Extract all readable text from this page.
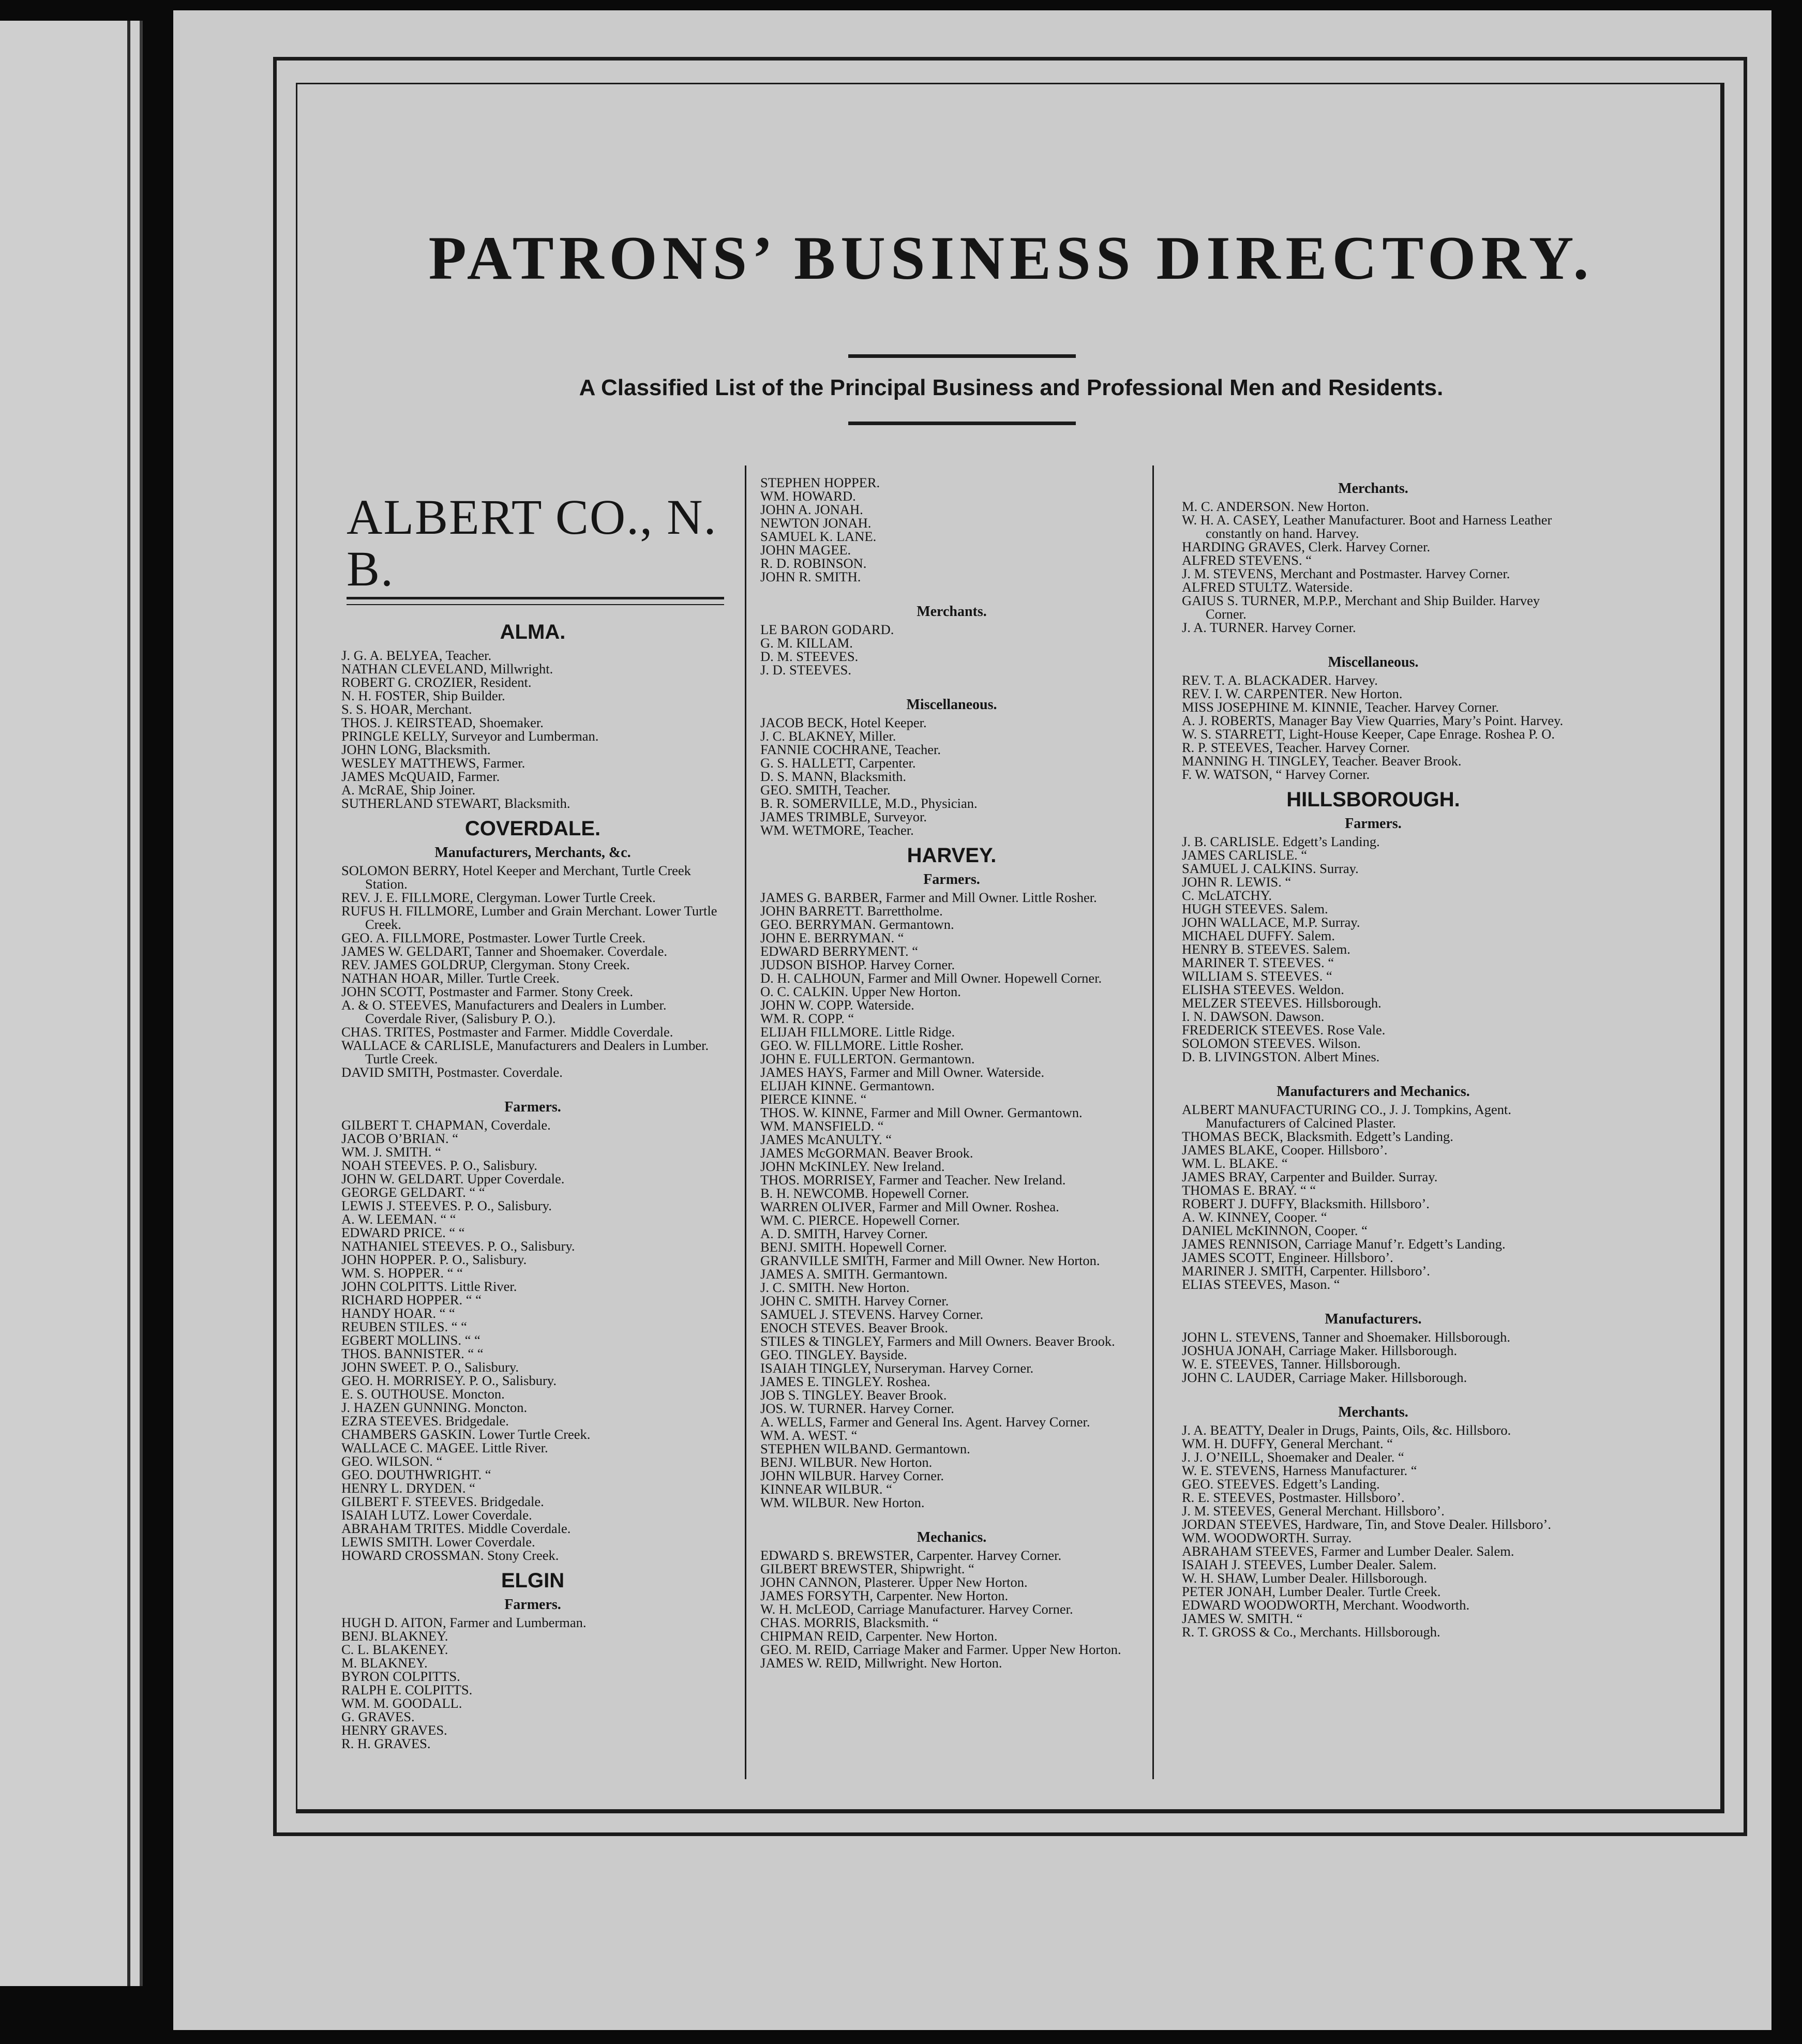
PATRONS’ BUSINESS DIRECTORY.

A Classified List of the Principal Business and Professional Men and Residents.

ALBERT CO., N. B.
ALMA.

J. G. A. BELYEA, Teacher.

NATHAN CLEVELAND, Millwright.

ROBERT G. CROZIER, Resident.

N. H. FOSTER, Ship Builder.

S. S. HOAR, Merchant.

THOS. J. KEIRSTEAD, Shoemaker.

PRINGLE KELLY, Surveyor and Lumberman.

JOHN LONG, Blacksmith.

WESLEY MATTHEWS, Farmer.

JAMES McQUAID, Farmer.

A. McRAE, Ship Joiner.

SUTHERLAND STEWART, Blacksmith.

COVERDALE.
Manufacturers, Merchants, &c.

SOLOMON BERRY, Hotel Keeper and Merchant, Turtle Creek Station.

REV. J. E. FILLMORE, Clergyman. Lower Turtle Creek.

RUFUS H. FILLMORE, Lumber and Grain Merchant. Lower Turtle Creek.

GEO. A. FILLMORE, Postmaster. Lower Turtle Creek.

JAMES W. GELDART, Tanner and Shoemaker. Coverdale.

REV. JAMES GOLDRUP, Clergyman. Stony Creek.

NATHAN HOAR, Miller. Turtle Creek.

JOHN SCOTT, Postmaster and Farmer. Stony Creek.

A. & O. STEEVES, Manufacturers and Dealers in Lumber. Coverdale River, (Salisbury P. O.).

CHAS. TRITES, Postmaster and Farmer. Middle Coverdale.

WALLACE & CARLISLE, Manufacturers and Dealers in Lumber. Turtle Creek.

DAVID SMITH, Postmaster. Coverdale.

Farmers.

GILBERT T. CHAPMAN, Coverdale.

JACOB O’BRIAN. “

WM. J. SMITH. “

NOAH STEEVES. P. O., Salisbury.

JOHN W. GELDART. Upper Coverdale.

GEORGE GELDART. “ “

LEWIS J. STEEVES. P. O., Salisbury.

A. W. LEEMAN. “ “

EDWARD PRICE. “ “

NATHANIEL STEEVES. P. O., Salisbury.

JOHN HOPPER. P. O., Salisbury.

WM. S. HOPPER. “ “

JOHN COLPITTS. Little River.

RICHARD HOPPER. “ “

HANDY HOAR. “ “

REUBEN STILES. “ “

EGBERT MOLLINS. “ “

THOS. BANNISTER. “ “

JOHN SWEET. P. O., Salisbury.

GEO. H. MORRISEY. P. O., Salisbury.

E. S. OUTHOUSE. Moncton.

J. HAZEN GUNNING. Moncton.

EZRA STEEVES. Bridgedale.

CHAMBERS GASKIN. Lower Turtle Creek.

WALLACE C. MAGEE. Little River.

GEO. WILSON. “

GEO. DOUTHWRIGHT. “

HENRY L. DRYDEN. “

GILBERT F. STEEVES. Bridgedale.

ISAIAH LUTZ. Lower Coverdale.

ABRAHAM TRITES. Middle Coverdale.

LEWIS SMITH. Lower Coverdale.

HOWARD CROSSMAN. Stony Creek.

ELGIN
Farmers.

HUGH D. AITON, Farmer and Lumberman.

BENJ. BLAKNEY.

C. L. BLAKENEY.

M. BLAKNEY.

BYRON COLPITTS.

RALPH E. COLPITTS.

WM. M. GOODALL.

G. GRAVES.

HENRY GRAVES.

R. H. GRAVES.

STEPHEN HOPPER.

WM. HOWARD.

JOHN A. JONAH.

NEWTON JONAH.

SAMUEL K. LANE.

JOHN MAGEE.

R. D. ROBINSON.

JOHN R. SMITH.

Merchants.

LE BARON GODARD.

G. M. KILLAM.

D. M. STEEVES.

J. D. STEEVES.

Miscellaneous.

JACOB BECK, Hotel Keeper.

J. C. BLAKNEY, Miller.

FANNIE COCHRANE, Teacher.

G. S. HALLETT, Carpenter.

D. S. MANN, Blacksmith.

GEO. SMITH, Teacher.

B. R. SOMERVILLE, M.D., Physician.

JAMES TRIMBLE, Surveyor.

WM. WETMORE, Teacher.

HARVEY.
Farmers.

JAMES G. BARBER, Farmer and Mill Owner. Little Rosher.

JOHN BARRETT. Barrettholme.

GEO. BERRYMAN. Germantown.

JOHN E. BERRYMAN. “

EDWARD BERRYMENT. “

JUDSON BISHOP. Harvey Corner.

D. H. CALHOUN, Farmer and Mill Owner. Hopewell Corner.

O. C. CALKIN. Upper New Horton.

JOHN W. COPP. Waterside.

WM. R. COPP. “

ELIJAH FILLMORE. Little Ridge.

GEO. W. FILLMORE. Little Rosher.

JOHN E. FULLERTON. Germantown.

JAMES HAYS, Farmer and Mill Owner. Waterside.

ELIJAH KINNE. Germantown.

PIERCE KINNE. “

THOS. W. KINNE, Farmer and Mill Owner. Germantown.

WM. MANSFIELD. “

JAMES McANULTY. “

JAMES McGORMAN. Beaver Brook.

JOHN McKINLEY. New Ireland.

THOS. MORRISEY, Farmer and Teacher. New Ireland.

B. H. NEWCOMB. Hopewell Corner.

WARREN OLIVER, Farmer and Mill Owner. Roshea.

WM. C. PIERCE. Hopewell Corner.

A. D. SMITH, Harvey Corner.

BENJ. SMITH. Hopewell Corner.

GRANVILLE SMITH, Farmer and Mill Owner. New Horton.

JAMES A. SMITH. Germantown.

J. C. SMITH. New Horton.

JOHN C. SMITH. Harvey Corner.

SAMUEL J. STEVENS. Harvey Corner.

ENOCH STEVES. Beaver Brook.

STILES & TINGLEY, Farmers and Mill Owners. Beaver Brook.

GEO. TINGLEY. Bayside.

ISAIAH TINGLEY, Nurseryman. Harvey Corner.

JAMES E. TINGLEY. Roshea.

JOB S. TINGLEY. Beaver Brook.

JOS. W. TURNER. Harvey Corner.

A. WELLS, Farmer and General Ins. Agent. Harvey Corner.

WM. A. WEST. “

STEPHEN WILBAND. Germantown.

BENJ. WILBUR. New Horton.

JOHN WILBUR. Harvey Corner.

KINNEAR WILBUR. “

WM. WILBUR. New Horton.

Mechanics.

EDWARD S. BREWSTER, Carpenter. Harvey Corner.

GILBERT BREWSTER, Shipwright. “

JOHN CANNON, Plasterer. Upper New Horton.

JAMES FORSYTH, Carpenter. New Horton.

W. H. McLEOD, Carriage Manufacturer. Harvey Corner.

CHAS. MORRIS, Blacksmith. “

CHIPMAN REID, Carpenter. New Horton.

GEO. M. REID, Carriage Maker and Farmer. Upper New Horton.

JAMES W. REID, Millwright. New Horton.

Merchants.

M. C. ANDERSON. New Horton.

W. H. A. CASEY, Leather Manufacturer. Boot and Harness Leather constantly on hand. Harvey.

HARDING GRAVES, Clerk. Harvey Corner.

ALFRED STEVENS. “

J. M. STEVENS, Merchant and Postmaster. Harvey Corner.

ALFRED STULTZ. Waterside.

GAIUS S. TURNER, M.P.P., Merchant and Ship Builder. Harvey Corner.

J. A. TURNER. Harvey Corner.

Miscellaneous.

REV. T. A. BLACKADER. Harvey.

REV. I. W. CARPENTER. New Horton.

MISS JOSEPHINE M. KINNIE, Teacher. Harvey Corner.

A. J. ROBERTS, Manager Bay View Quarries, Mary’s Point. Harvey.

W. S. STARRETT, Light-House Keeper, Cape Enrage. Roshea P. O.

R. P. STEEVES, Teacher. Harvey Corner.

MANNING H. TINGLEY, Teacher. Beaver Brook.

F. W. WATSON, “ Harvey Corner.

HILLSBOROUGH.
Farmers.

J. B. CARLISLE. Edgett’s Landing.

JAMES CARLISLE. “

SAMUEL J. CALKINS. Surray.

JOHN R. LEWIS. “

C. McLATCHY.

HUGH STEEVES. Salem.

JOHN WALLACE, M.P. Surray.

MICHAEL DUFFY. Salem.

HENRY B. STEEVES. Salem.

MARINER T. STEEVES. “

WILLIAM S. STEEVES. “

ELISHA STEEVES. Weldon.

MELZER STEEVES. Hillsborough.

I. N. DAWSON. Dawson.

FREDERICK STEEVES. Rose Vale.

SOLOMON STEEVES. Wilson.

D. B. LIVINGSTON. Albert Mines.

Manufacturers and Mechanics.

ALBERT MANUFACTURING CO., J. J. Tompkins, Agent. Manufacturers of Calcined Plaster.

THOMAS BECK, Blacksmith. Edgett’s Landing.

JAMES BLAKE, Cooper. Hillsboro’.

WM. L. BLAKE. “

JAMES BRAY, Carpenter and Builder. Surray.

THOMAS E. BRAY. “ “

ROBERT J. DUFFY, Blacksmith. Hillsboro’.

A. W. KINNEY, Cooper. “

DANIEL McKINNON, Cooper. “

JAMES RENNISON, Carriage Manuf’r. Edgett’s Landing.

JAMES SCOTT, Engineer. Hillsboro’.

MARINER J. SMITH, Carpenter. Hillsboro’.

ELIAS STEEVES, Mason. “

Manufacturers.

JOHN L. STEVENS, Tanner and Shoemaker. Hillsborough.

JOSHUA JONAH, Carriage Maker. Hillsborough.

W. E. STEEVES, Tanner. Hillsborough.

JOHN C. LAUDER, Carriage Maker. Hillsborough.

Merchants.

J. A. BEATTY, Dealer in Drugs, Paints, Oils, &c. Hillsboro.

WM. H. DUFFY, General Merchant. “

J. J. O’NEILL, Shoemaker and Dealer. “

W. E. STEVENS, Harness Manufacturer. “

GEO. STEEVES. Edgett’s Landing.

R. E. STEEVES, Postmaster. Hillsboro’.

J. M. STEEVES, General Merchant. Hillsboro’.

JORDAN STEEVES, Hardware, Tin, and Stove Dealer. Hillsboro’.

WM. WOODWORTH. Surray.

ABRAHAM STEEVES, Farmer and Lumber Dealer. Salem.

ISAIAH J. STEEVES, Lumber Dealer. Salem.

W. H. SHAW, Lumber Dealer. Hillsborough.

PETER JONAH, Lumber Dealer. Turtle Creek.

EDWARD WOODWORTH, Merchant. Woodworth.

JAMES W. SMITH. “

R. T. GROSS & Co., Merchants. Hillsborough.
